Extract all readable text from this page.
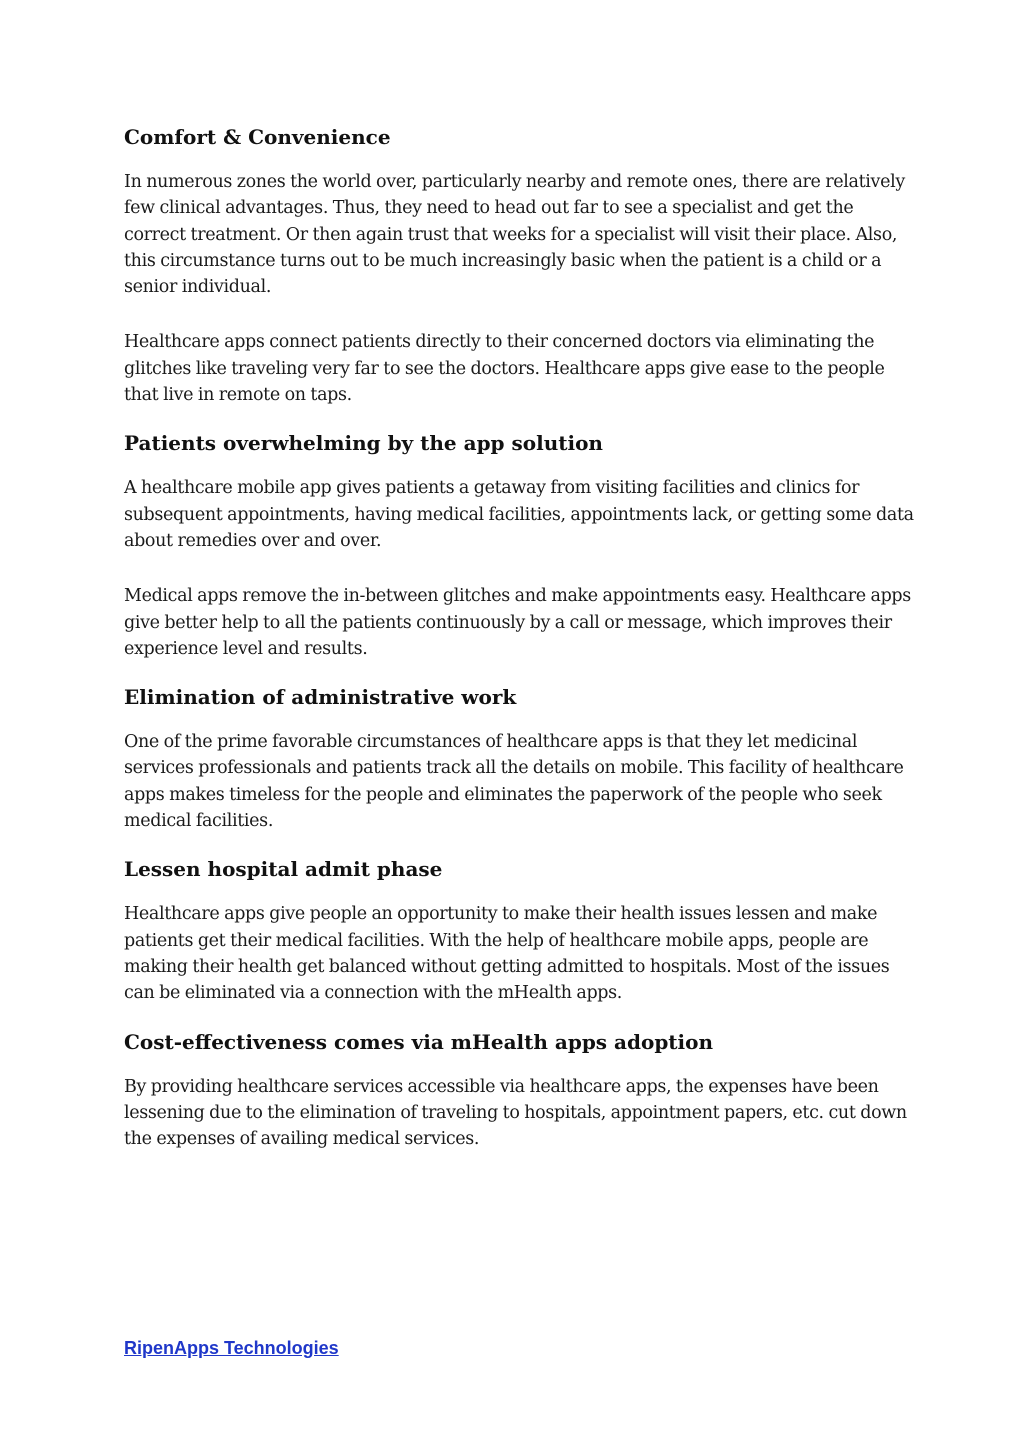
Comfort & Convenience

In numerous zones the world over, particularly nearby and remote ones, there are relatively few clinical advantages. Thus, they need to head out far to see a specialist and get the correct treatment. Or then again trust that weeks for a specialist will visit their place. Also, this circumstance turns out to be much increasingly basic when the patient is a child or a senior individual.

Healthcare apps connect patients directly to their concerned doctors via eliminating the glitches like traveling very far to see the doctors. Healthcare apps give ease to the people that live in remote on taps.

Patients overwhelming by the app solution

A healthcare mobile app gives patients a getaway from visiting facilities and clinics for subsequent appointments, having medical facilities, appointments lack, or getting some data about remedies over and over.

Medical apps remove the in-between glitches and make appointments easy. Healthcare apps give better help to all the patients continuously by a call or message, which improves their experience level and results.

Elimination of administrative work

One of the prime favorable circumstances of healthcare apps is that they let medicinal services professionals and patients track all the details on mobile. This facility of healthcare apps makes timeless for the people and eliminates the paperwork of the people who seek medical facilities.

Lessen hospital admit phase

Healthcare apps give people an opportunity to make their health issues lessen and make patients get their medical facilities. With the help of healthcare mobile apps, people are making their health get balanced without getting admitted to hospitals. Most of the issues can be eliminated via a connection with the mHealth apps.

Cost-effectiveness comes via mHealth apps adoption

By providing healthcare services accessible via healthcare apps, the expenses have been lessening due to the elimination of traveling to hospitals, appointment papers, etc. cut down the expenses of availing medical services.

RipenApps Technologies
